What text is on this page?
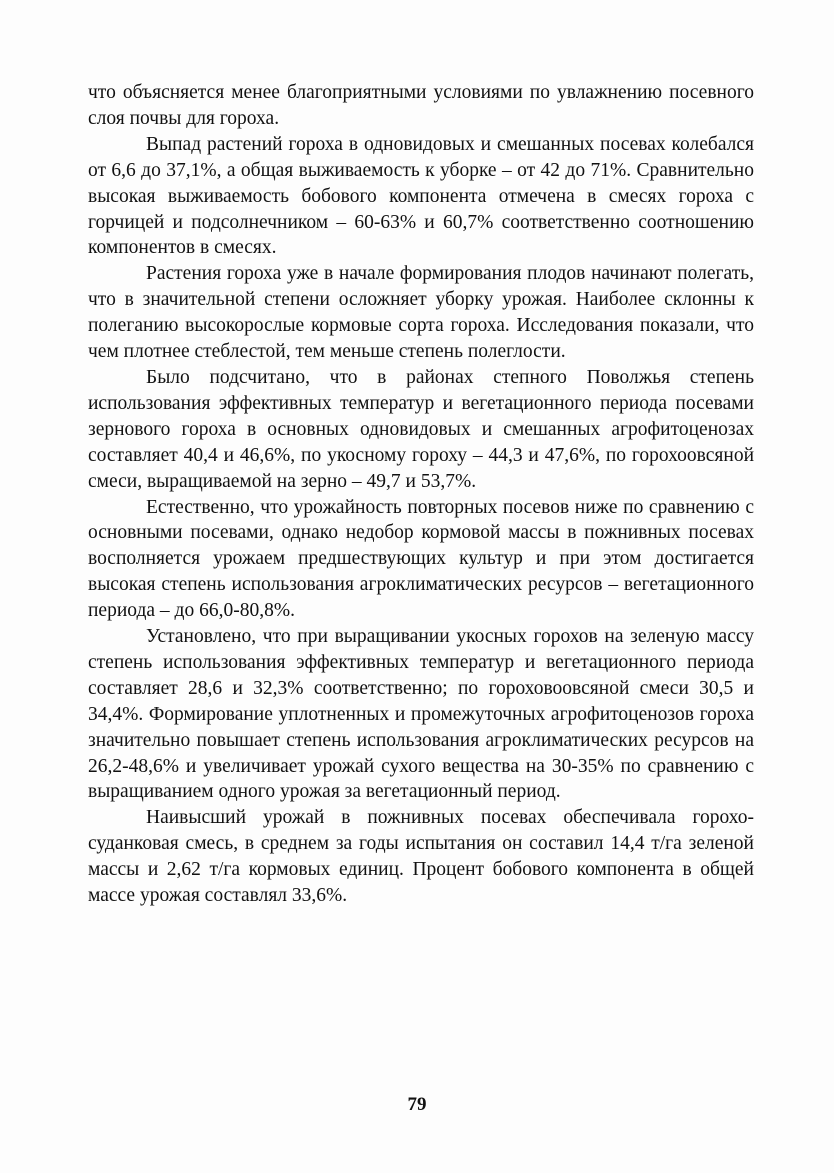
что объясняется менее благоприятными условиями по увлажнению посевного слоя почвы для гороха.

Выпад растений гороха в одновидовых и смешанных посевах колебался от 6,6 до 37,1%, а общая выживаемость к уборке – от 42 до 71%. Сравнительно высокая выживаемость бобового компонента отмечена в смесях гороха с горчицей и подсолнечником – 60-63% и 60,7% соответственно соотношению компонентов в смесях.

Растения гороха уже в начале формирования плодов начинают полегать, что в значительной степени осложняет уборку урожая. Наиболее склонны к полеганию высокорослые кормовые сорта гороха. Исследования показали, что чем плотнее стеблестой, тем меньше степень полеглости.

Было подсчитано, что в районах степного Поволжья степень использования эффективных температур и вегетационного периода посевами зернового гороха в основных одновидовых и смешанных агрофитоценозах составляет 40,4 и 46,6%, по укосному гороху – 44,3 и 47,6%, по горохоовсяной смеси, выращиваемой на зерно – 49,7 и 53,7%.

Естественно, что урожайность повторных посевов ниже по сравнению с основными посевами, однако недобор кормовой массы в пожнивных посевах восполняется урожаем предшествующих культур и при этом достигается высокая степень использования агроклиматических ресурсов – вегетационного периода – до 66,0-80,8%.

Установлено, что при выращивании укосных горохов на зеленую массу степень использования эффективных температур и вегетационного периода составляет 28,6 и 32,3% соответственно; по гороховоовсяной смеси 30,5 и 34,4%. Формирование уплотненных и промежуточных агрофитоценозов гороха значительно повышает степень использования агроклиматических ресурсов на 26,2-48,6% и увеличивает урожай сухого вещества на 30-35% по сравнению с выращиванием одного урожая за вегетационный период.

Наивысший урожай в пожнивных посевах обеспечивала горохо-суданковая смесь, в среднем за годы испытания он составил 14,4 т/га зеленой массы и 2,62 т/га кормовых единиц. Процент бобового компонента в общей массе урожая составлял 33,6%.

79
